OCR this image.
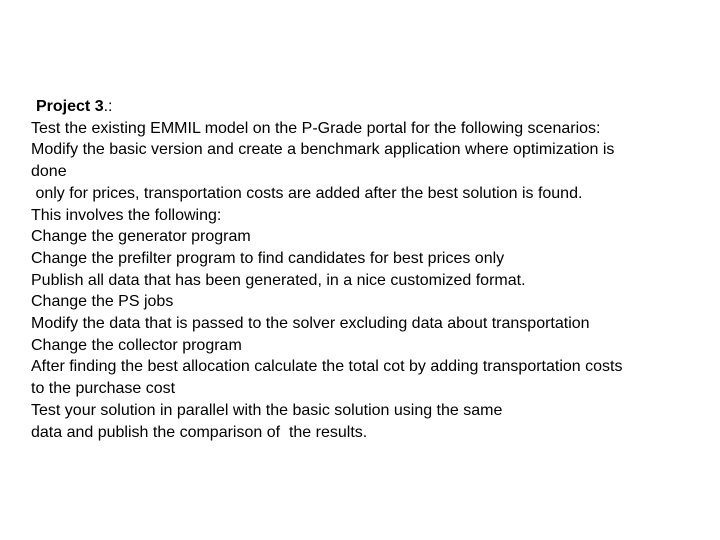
Project 3.:
Test the existing EMMIL model on the P-Grade portal for the following scenarios:
Modify the basic version and create a benchmark application where optimization is
done
only for prices, transportation costs are added after the best solution is found.
This involves the following:
Change the generator program
Change the prefilter program to find candidates for best prices only
Publish all data that has been generated, in a nice customized format.
Change the PS jobs
Modify the data that is passed to the solver excluding data about transportation
Change the collector program
After finding the best allocation calculate the total cot by adding transportation costs
to the purchase cost
Test your solution in parallel with the basic solution using the same
data and publish the comparison of  the results.
